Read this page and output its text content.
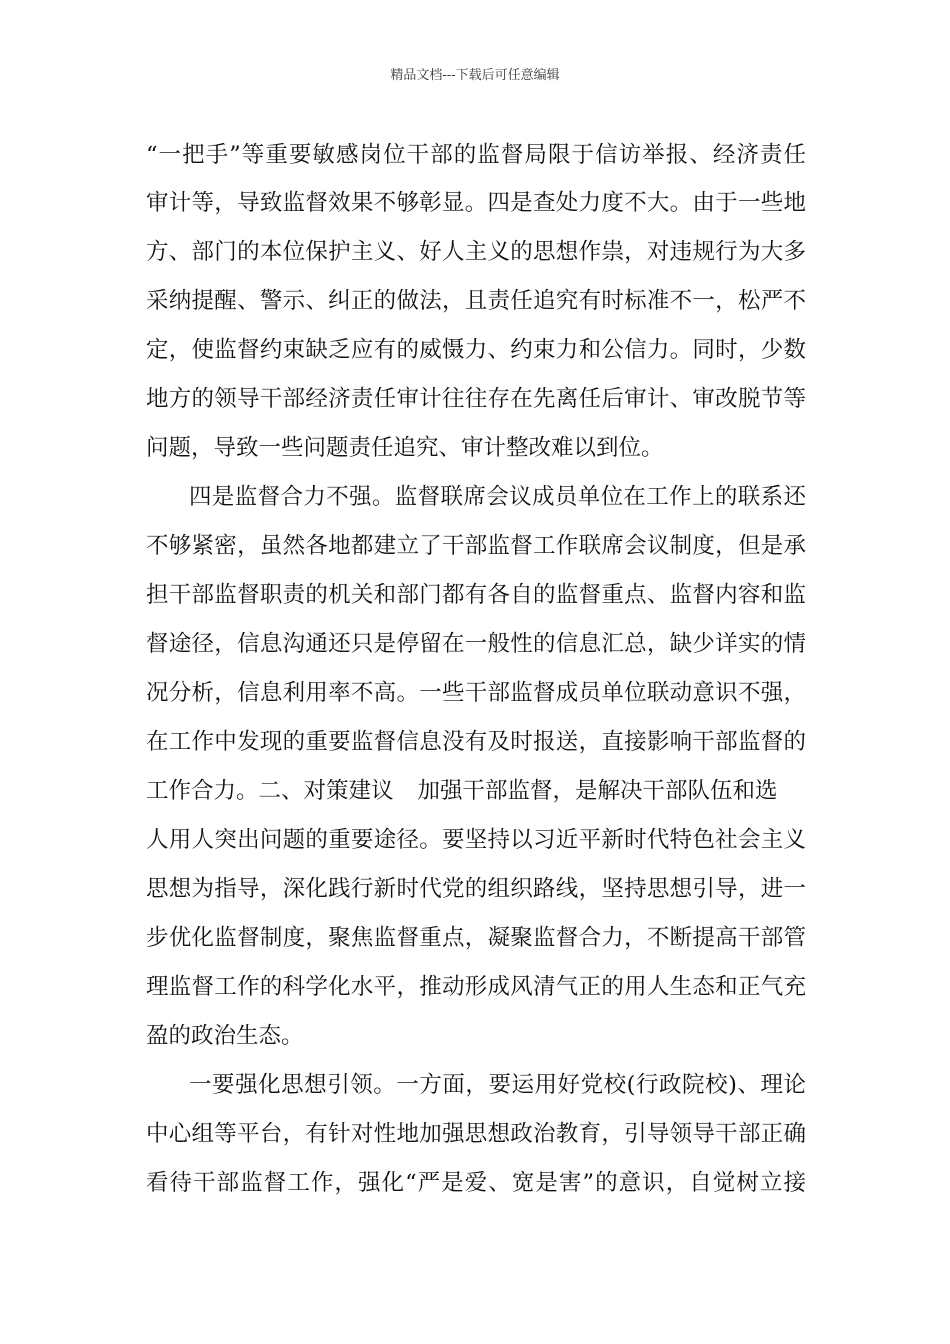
精品文档---下载后可任意编辑

“一把手”等重要敏感岗位干部的监督局限于信访举报、经济责任

审计等，导致监督效果不够彰显。四是查处力度不大。由于一些地

方、部门的本位保护主义、好人主义的思想作祟，对违规行为大多

采纳提醒、警示、纠正的做法，且责任追究有时标准不一，松严不

定，使监督约束缺乏应有的威慑力、约束力和公信力。同时，少数

地方的领导干部经济责任审计往往存在先离任后审计、审改脱节等

问题，导致一些问题责任追究、审计整改难以到位。

四是监督合力不强。监督联席会议成员单位在工作上的联系还

不够紧密，虽然各地都建立了干部监督工作联席会议制度，但是承

担干部监督职责的机关和部门都有各自的监督重点、监督内容和监

督途径，信息沟通还只是停留在一般性的信息汇总，缺少详实的情

况分析，信息利用率不高。一些干部监督成员单位联动意识不强，

在工作中发现的重要监督信息没有及时报送，直接影响干部监督的

工作合力。二、对策建议 加强干部监督，是解决干部队伍和选

人用人突出问题的重要途径。要坚持以习近平新时代特色社会主义

思想为指导，深化践行新时代党的组织路线，坚持思想引导，进一

步优化监督制度，聚焦监督重点，凝聚监督合力，不断提高干部管

理监督工作的科学化水平，推动形成风清气正的用人生态和正气充

盈的政治生态。

一要强化思想引领。一方面，要运用好党校(行政院校)、理论

中心组等平台，有针对性地加强思想政治教育，引导领导干部正确

看待干部监督工作，强化“严是爱、宽是害”的意识，自觉树立接
